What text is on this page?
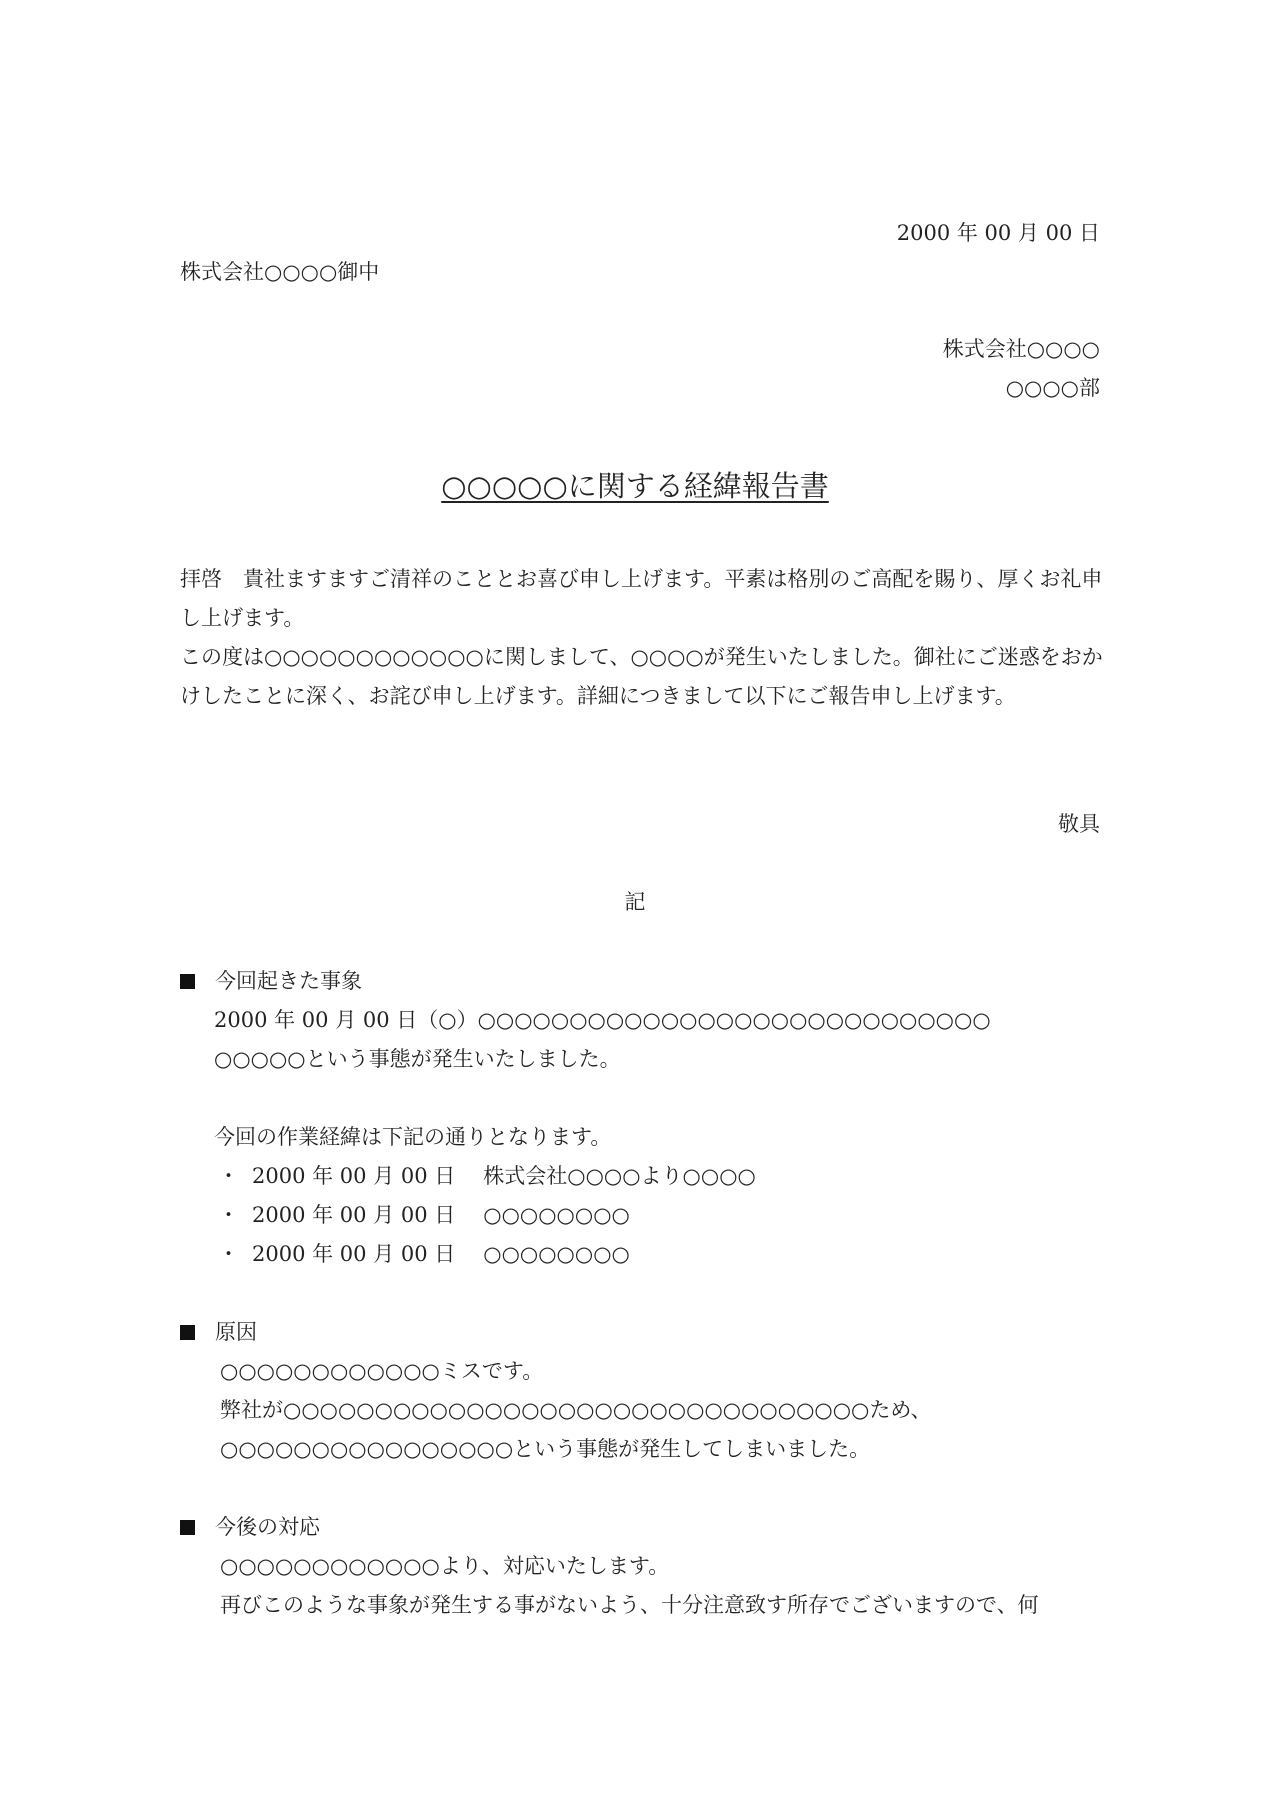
2000 年 00 月 00 日
株式会社○○○○御中
株式会社○○○○
○○○○部
○○○○○に関する経緯報告書
拝啓　貴社ますますご清祥のこととお喜び申し上げます。平素は格別のご高配を賜り、厚くお礼申し上げます。
この度は○○○○○○○○○○○○に関しまして、○○○○が発生いたしました。御社にご迷惑をおかけしたことに深く、お詫び申し上げます。詳細につきまして以下にご報告申し上げます。
敬具
記
今回起きた事象
2000 年 00 月 00 日（○）○○○○○○○○○○○○○○○○○○○○○○○○○○○○
○○○○○という事態が発生いたしました。
今回の作業経緯は下記の通りとなります。
・ 2000 年 00 月 00 日 株式会社○○○○より○○○○
・ 2000 年 00 月 00 日 ○○○○○○○○
・ 2000 年 00 月 00 日 ○○○○○○○○
原因
○○○○○○○○○○○○ミスです。
弊社が○○○○○○○○○○○○○○○○○○○○○○○○○○○○○○○○ため、
○○○○○○○○○○○○○○○○という事態が発生してしまいました。
今後の対応
○○○○○○○○○○○○より、対応いたします。
再びこのような事象が発生する事がないよう、十分注意致す所存でございますので、何
